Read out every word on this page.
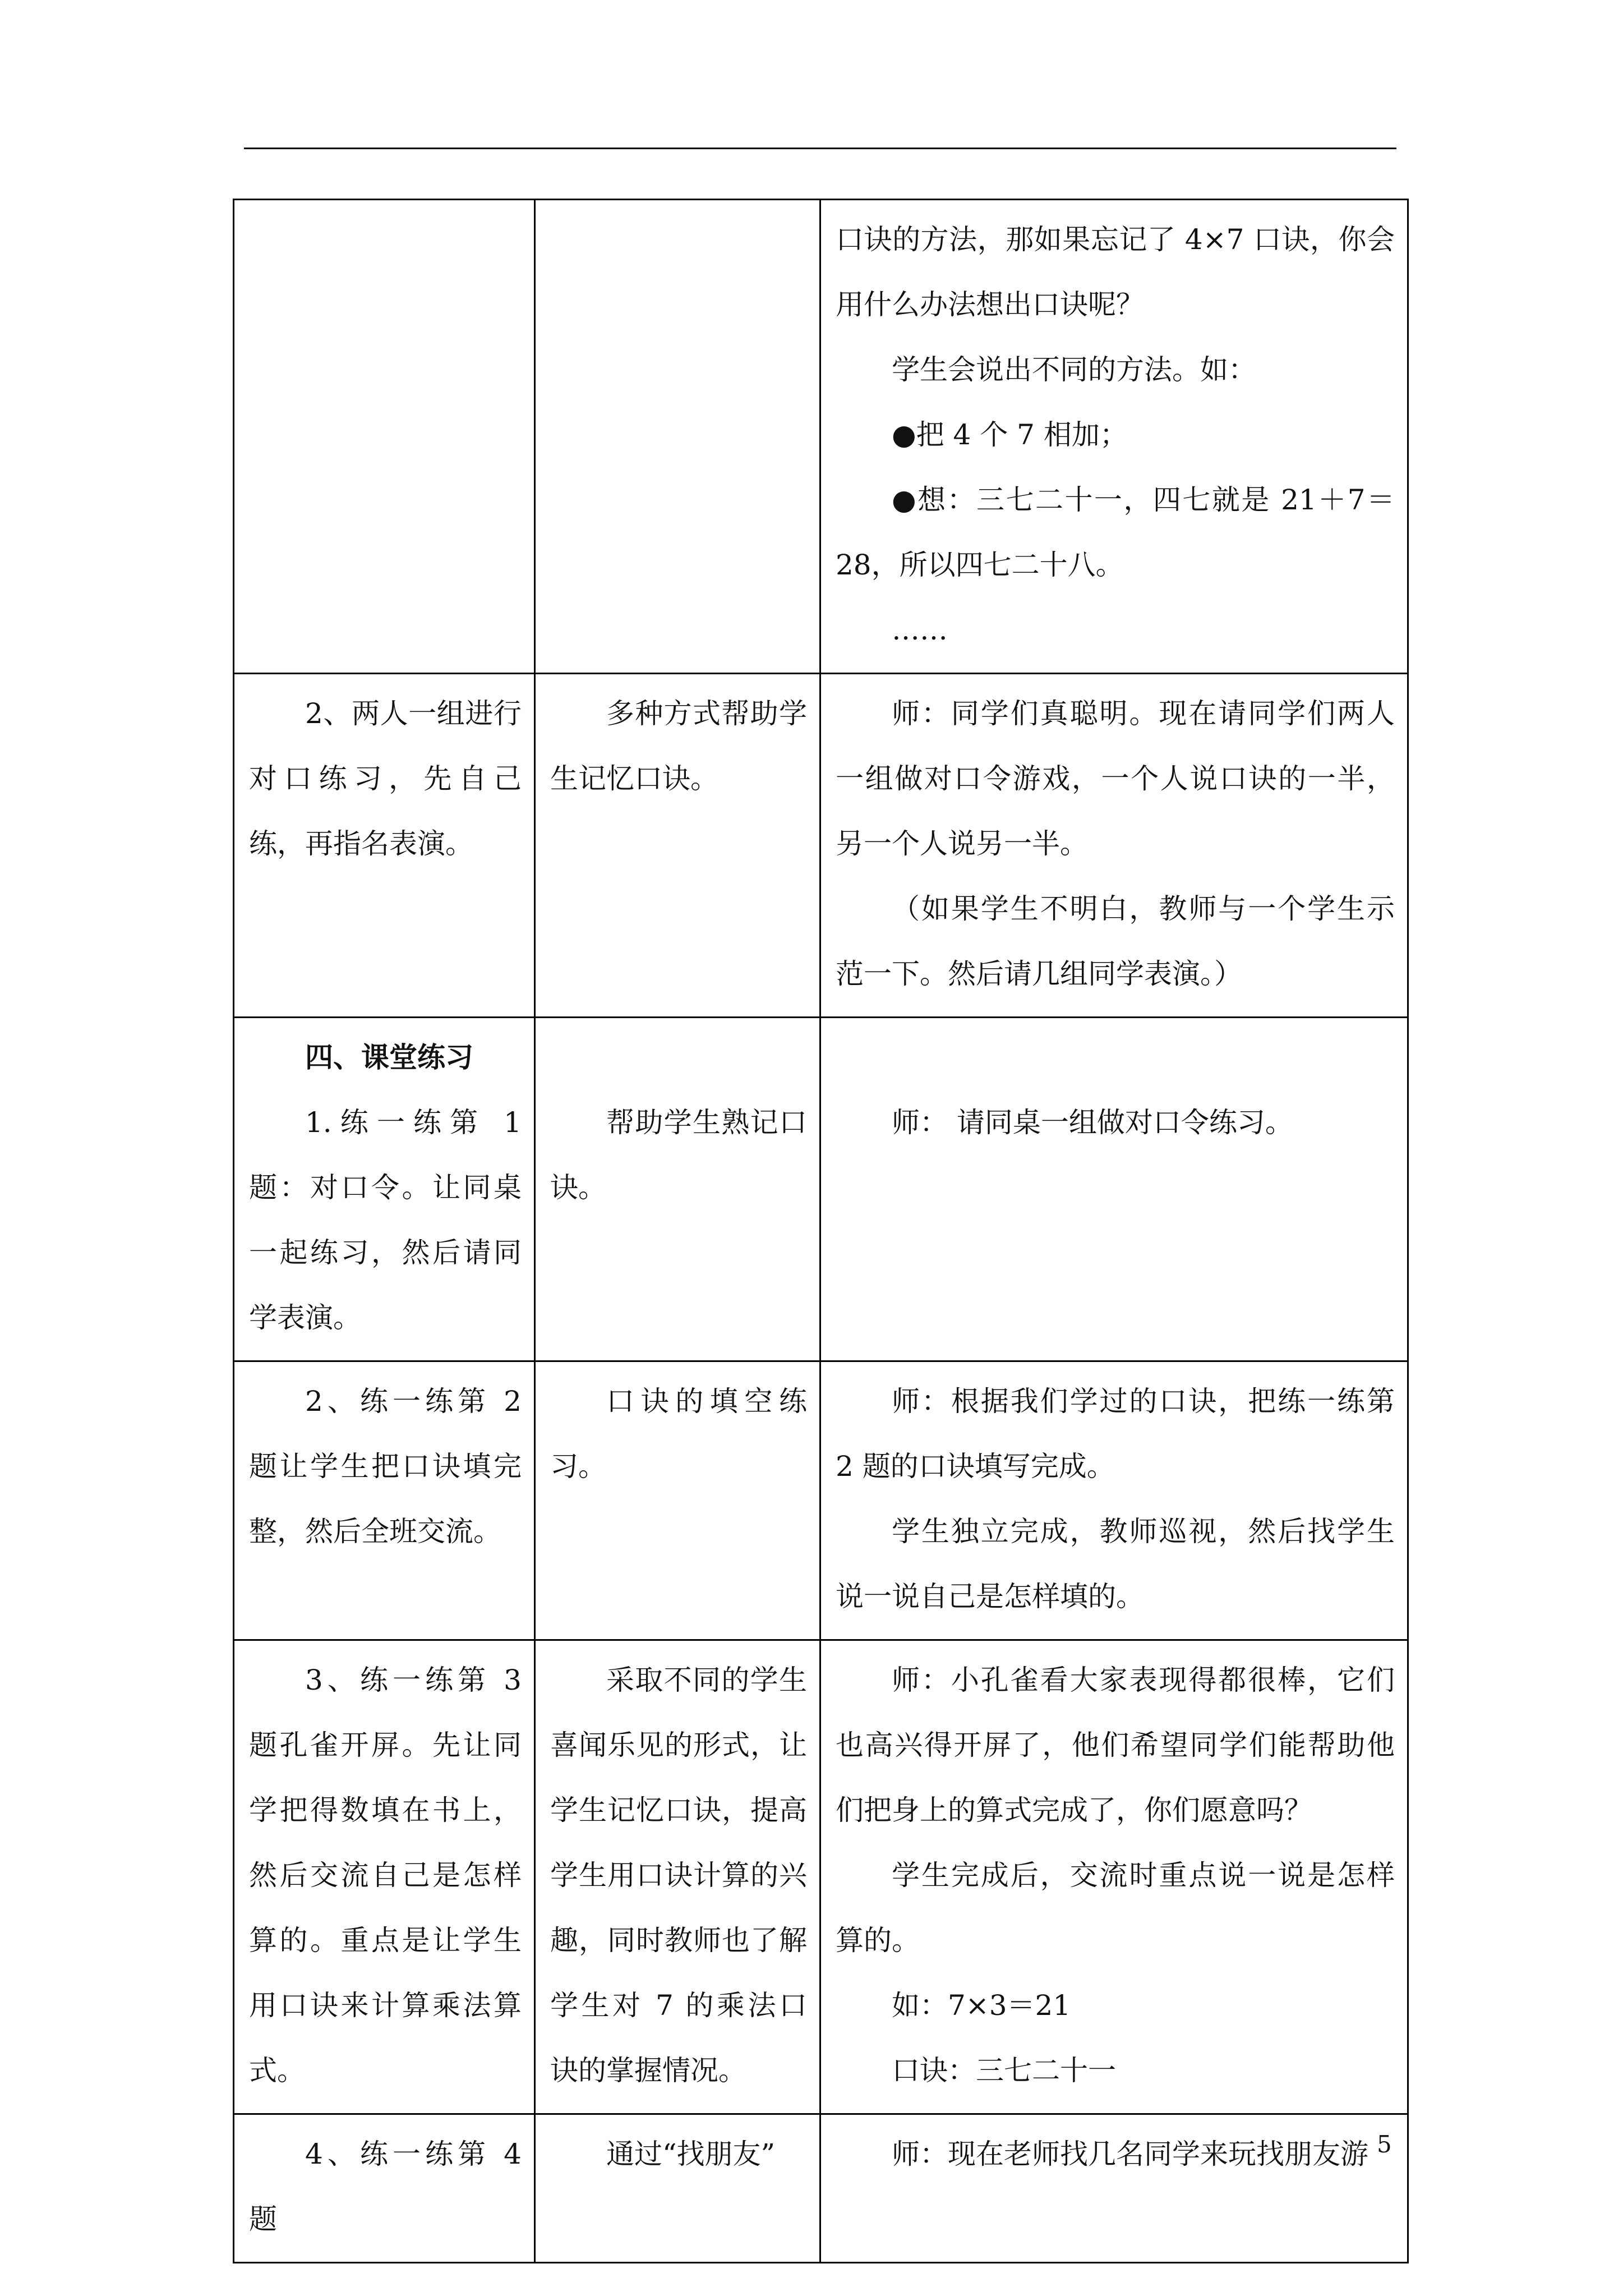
		口诀的方法，那如果忘记了 4×7 口诀，你会用什么办法想出口诀呢？

学生会说出不同的方法。如：

●把 4 个 7 相加；

●想：三七二十一，四七就是 21＋7＝28，所以四七二十八。

……

2、两人一组进行对口练习，先自己练，再指名表演。	多种方式帮助学生记忆口诀。	师：同学们真聪明。现在请同学们两人一组做对口令游戏，一个人说口诀的一半，另一个人说另一半。

（如果学生不明白，教师与一个学生示范一下。然后请几组同学表演。）

四、课堂练习

1.练一练第 1 题：对口令。让同桌一起练习，然后请同学表演。	帮助学生熟记口诀。	师： 请同桌一组做对口令练习。

2、练一练第 2 题让学生把口诀填完整，然后全班交流。	口诀的填空练习。	师：根据我们学过的口诀，把练一练第 2 题的口诀填写完成。

学生独立完成，教师巡视，然后找学生说一说自己是怎样填的。

3、练一练第 3 题孔雀开屏。先让同学把得数填在书上，然后交流自己是怎样算的。重点是让学生用口诀来计算乘法算式。	采取不同的学生喜闻乐见的形式，让学生记忆口诀，提高学生用口诀计算的兴趣，同时教师也了解学生对 7 的乘法口诀的掌握情况。	师：小孔雀看大家表现得都很棒，它们也高兴得开屏了，他们希望同学们能帮助他们把身上的算式完成了，你们愿意吗？

学生完成后，交流时重点说一说是怎样算的。

如：7×3＝21

口诀：三七二十一

4、练一练第 4 题	通过“找朋友”	师：现在老师找几名同学来玩找朋友游 5
